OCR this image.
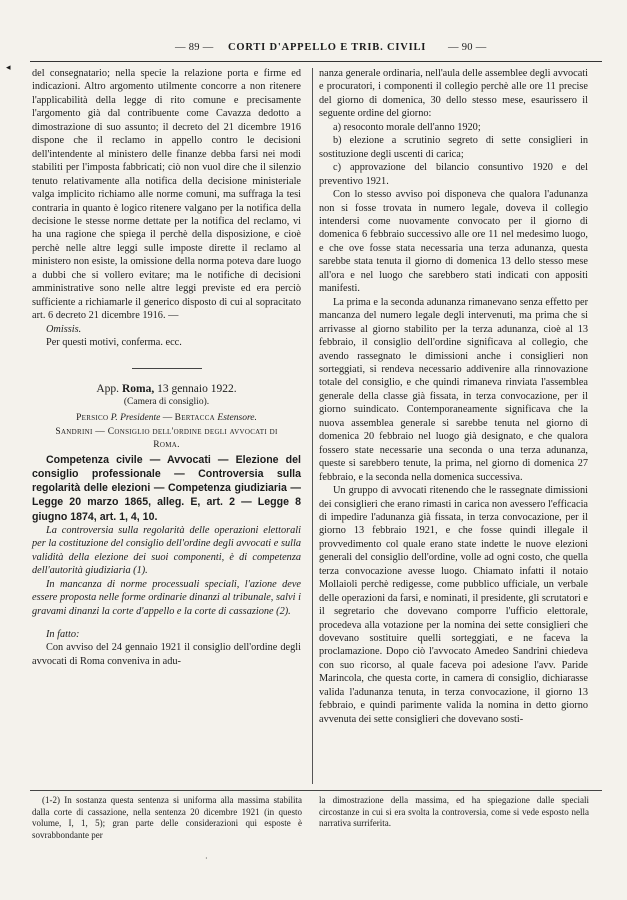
◂
— 89 — CORTI D'APPELLO E TRIB. CIVILI — 90 —

del consegnatario; nella specie la relazione porta e firme ed indicazioni. Altro argomento utilmente concorre a non ritenere l'applicabilità della legge di rito comune e precisamente l'argomento già dal contribuente come Cavazza dedotto a dimostrazione di suo assunto; il decreto del 21 dicembre 1916 dispone che il reclamo in appello contro le decisioni dell'intendente al ministero delle finanze debba farsi nei modi stabiliti per l'imposta fabbricati; ciò non vuol dire che il silenzio tenuto relativamente alla notifica della decisione ministeriale valga implicito richiamo alle norme comuni, ma suffraga la tesi contraria in quanto è logico ritenere valgano per la notifica della decisione le stesse norme dettate per la notifica del reclamo, vi ha una ragione che spiega il perchè della disposizione, e cioè perchè nelle altre leggi sulle imposte dirette il reclamo al ministero non esiste, la omissione della norma poteva dare luogo a dubbi che si vollero evitare; ma le notifiche di decisioni amministrative sono nelle altre leggi previste ed era perciò sufficiente a richiamarle il generico disposto di cui al sopracitato art. 6 decreto 21 dicembre 1916. —

Omissis.

Per questi motivi, conferma. ecc.

App. Roma, 13 gennaio 1922.

(Camera di consiglio).

Persico P. Presidente — Bertacca Estensore.

Sandrini — Consiglio dell'ordine degli avvocati di Roma.

Competenza civile — Avvocati — Elezione del consiglio professionale — Controversia sulla regolarità delle elezioni — Competenza giudiziaria — Legge 20 marzo 1865, alleg. E, art. 2 — Legge 8 giugno 1874, art. 1, 4, 10.

La controversia sulla regolarità delle operazioni elettorali per la costituzione del consiglio dell'ordine degli avvocati e sulla validità della elezione dei suoi componenti, è di competenza dell'autorità giudiziaria (1).

In mancanza di norme processuali speciali, l'azione deve essere proposta nelle forme ordinarie dinanzi al tribunale, salvi i gravami dinanzi la corte d'appello e la corte di cassazione (2).

In fatto:

Con avviso del 24 gennaio 1921 il consiglio dell'ordine degli avvocati di Roma conveniva in adu-

nanza generale ordinaria, nell'aula delle assemblee degli avvocati e procuratori, i componenti il collegio perchè alle ore 11 precise del giorno di domenica, 30 dello stesso mese, esaurissero il seguente ordine del giorno:

a) resoconto morale dell'anno 1920;

b) elezione a scrutinio segreto di sette consiglieri in sostituzione degli uscenti di carica;

c) approvazione del bilancio consuntivo 1920 e del preventivo 1921.

Con lo stesso avviso poi disponeva che qualora l'adunanza non si fosse trovata in numero legale, doveva il collegio intendersi come nuovamente convocato per il giorno di domenica 6 febbraio successivo alle ore 11 nel medesimo luogo, e che ove fosse stata necessaria una terza adunanza, questa sarebbe stata tenuta il giorno di domenica 13 dello stesso mese all'ora e nel luogo che sarebbero stati indicati con appositi manifesti.

La prima e la seconda adunanza rimanevano senza effetto per mancanza del numero legale degli intervenuti, ma prima che si arrivasse al giorno stabilito per la terza adunanza, cioè al 13 febbraio, il consiglio dell'ordine significava al collegio, che avendo rassegnato le dimissioni anche i consiglieri non sorteggiati, si rendeva necessario addivenire alla rinnovazione totale del consiglio, e che quindi rimaneva rinviata l'assemblea generale della classe già fissata, in terza convocazione, per il giorno suindicato. Contemporaneamente significava che la nuova assemblea generale si sarebbe tenuta nel giorno di domenica 20 febbraio nel luogo già designato, e che qualora fossero state necessarie una seconda o una terza adunanza, queste si sarebbero tenute, la prima, nel giorno di domenica 27 febbraio, e la seconda nella domenica successiva.

Un gruppo di avvocati ritenendo che le rassegnate dimissioni dei consiglieri che erano rimasti in carica non avessero l'efficacia di impedire l'adunanza già fissata, in terza convocazione, per il giorno 13 febbraio 1921, e che fosse quindi illegale il provvedimento col quale erano state indette le nuove elezioni generali del consiglio dell'ordine, volle ad ogni costo, che quella terza convocazione avesse luogo. Chiamato infatti il notaio Mollaioli perchè redigesse, come pubblico ufficiale, un verbale delle operazioni da farsi, e nominati, il presidente, gli scrutatori e il segretario che dovevano comporre l'ufficio elettorale, procedeva alla votazione per la nomina dei sette consiglieri che dovevano sostituire quelli sorteggiati, e ne faceva la proclamazione. Dopo ciò l'avvocato Amedeo Sandrini chiedeva con suo ricorso, al quale faceva poi adesione l'avv. Paride Marincola, che questa corte, in camera di consiglio, dichiarasse valida l'adunanza tenuta, in terza convocazione, il giorno 13 febbraio, e quindi parimente valida la nomina in detto giorno avvenuta dei sette consiglieri che dovevano sosti-

(1-2) In sostanza questa sentenza si uniforma alla massima stabilita dalla corte di cassazione, nella sentenza 20 dicembre 1921 (in questo volume, I, 1, 5); gran parte delle considerazioni qui esposte è sovrabbondante per

la dimostrazione della massima, ed ha spiegazione dalle speciali circostanze in cui si era svolta la controversia, come si vede esposto nella narrativa surriferita.

·
